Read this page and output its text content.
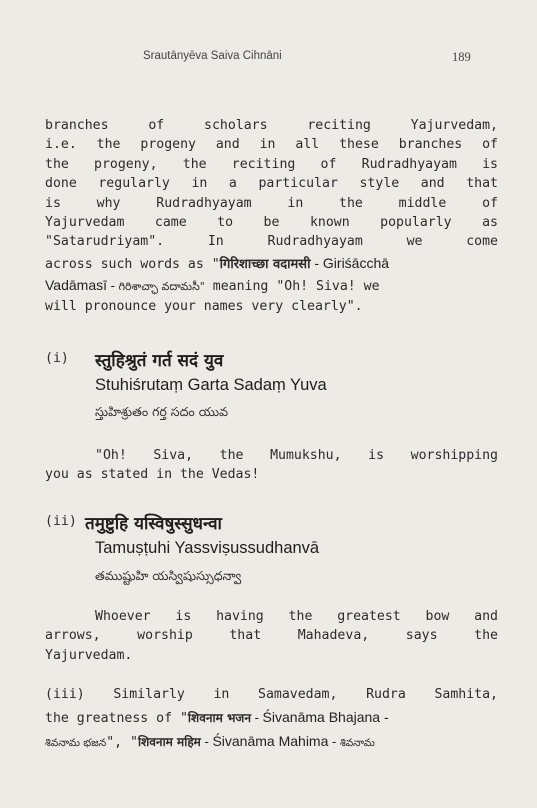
Srautānyēva Saiva Cihnāni	189
branches of scholars reciting Yajurvedam,
i.e. the progeny and in all these branches of
the progeny, the reciting of Rudradhyayam is
done regularly in a particular style and that
is why Rudradhyayam in the middle of
Yajurvedam came to be known popularly as
"Satarudriyam". In Rudradhyayam we come
across such words as "गिरिशाच्छा वदामसी - Giriśācchā
Vadāmasī - గిరిశాచ్ఛా వదామసీ" meaning "Oh! Siva! we
will pronounce your names very clearly".
(i) स्तुहिश्रुतं गर्त सदं युव
Stuhiśrutaṃ Garta Sadaṃ Yuva
స్తుహిశ్రుతం గర్త సదం యువ
"Oh! Siva, the Mumukshu, is worshipping
you as stated in the Vedas!
(ii) तमुष्टुहि यस्विषुस्सुधन्वा
Tamuṣṭuhi Yassviṣussudhanvā
తముష్టుహి యస్విషుస్సుధన్వా
Whoever is having the greatest bow and
arrows, worship that Mahadeva, says the
Yajurvedam.
(iii) Similarly in Samavedam, Rudra Samhita,
the greatness of "शिवनाम भजन - Śivanāma Bhajana -
శివనామ భజన", "शिवनाम महिम - Śivanāma Mahima - శివనామ
